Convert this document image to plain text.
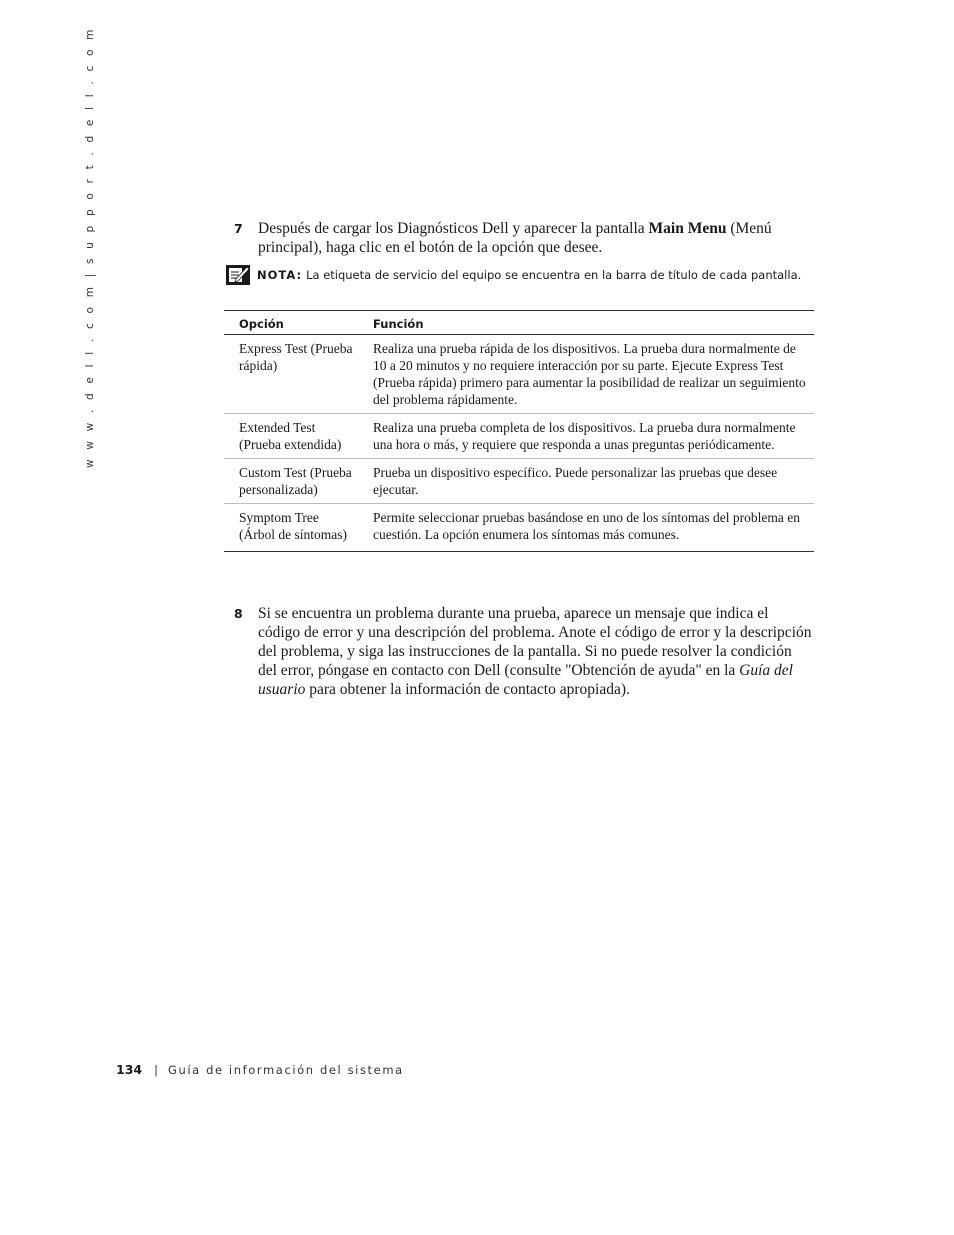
w w w . d e l l . c o m | s u p p o r t . d e l l . c o m	7 Después de cargar los Diagnósticos Dell y aparecer la pantalla Main Menu (Menú principal), haga clic en el botón de la opción que desee.
NOTA: La etiqueta de servicio del equipo se encuentra en la barra de título de cada pantalla.
Opción	Función
Express Test (Prueba rápida)	Realiza una prueba rápida de los dispositivos. La prueba dura normalmente de 10 a 20 minutos y no requiere interacción por su parte. Ejecute Express Test (Prueba rápida) primero para aumentar la posibilidad de realizar un seguimiento del problema rápidamente.
Extended Test (Prueba extendida)	Realiza una prueba completa de los dispositivos. La prueba dura normalmente una hora o más, y requiere que responda a unas preguntas periódicamente.
Custom Test (Prueba personalizada)	Prueba un dispositivo específico. Puede personalizar las pruebas que desee ejecutar.
Symptom Tree (Árbol de síntomas)	Permite seleccionar pruebas basándose en uno de los síntomas del problema en cuestión. La opción enumera los síntomas más comunes.
8 Si se encuentra un problema durante una prueba, aparece un mensaje que indica el código de error y una descripción del problema. Anote el código de error y la descripción del problema, y siga las instrucciones de la pantalla. Si no puede resolver la condición del error, póngase en contacto con Dell (consulte "Obtención de ayuda" en la Guía del usuario para obtener la información de contacto apropiada).
134 | Guía de información del sistema
